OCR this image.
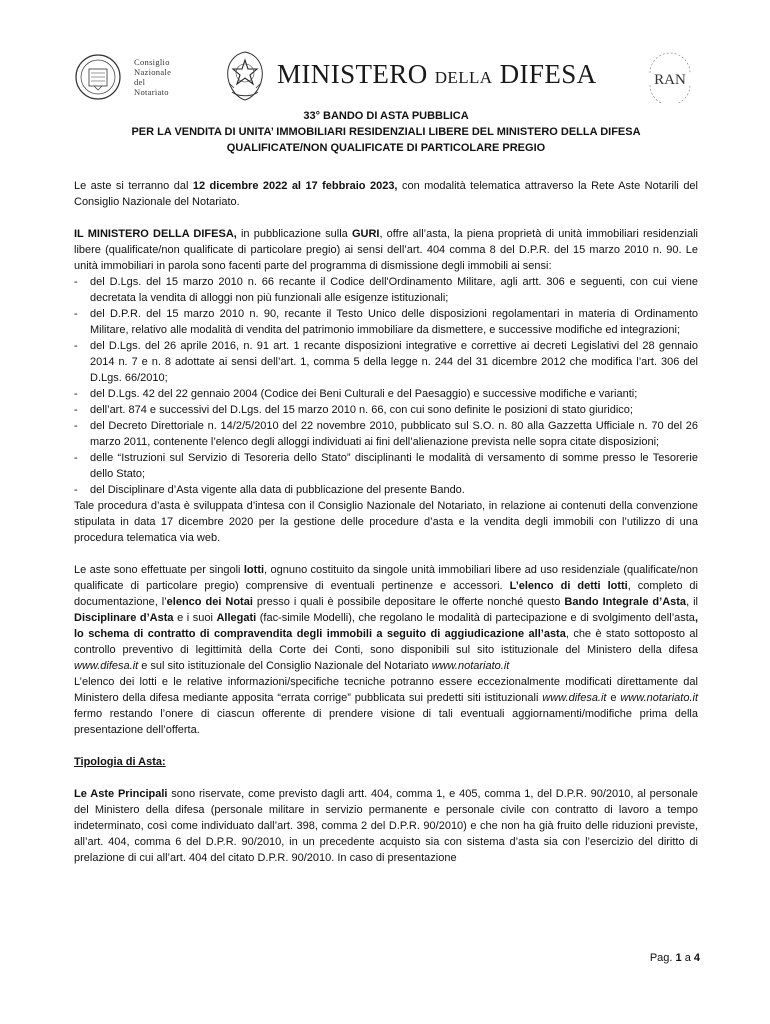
Consiglio
Nazionale
del
Notariato
MINISTERO DELLA DIFESA	RAN
33° BANDO DI ASTA PUBBLICA
PER LA VENDITA DI UNITA’ IMMOBILIARI RESIDENZIALI LIBERE DEL MINISTERO DELLA DIFESA
QUALIFICATE/NON QUALIFICATE DI PARTICOLARE PREGIO

Le aste si terranno dal 12 dicembre 2022 al 17 febbraio 2023, con modalità telematica attraverso la Rete Aste Notarili del Consiglio Nazionale del Notariato.

IL MINISTERO DELLA DIFESA, in pubblicazione sulla GURI, offre all’asta, la piena proprietà di unità immobiliari residenziali libere (qualificate/non qualificate di particolare pregio) ai sensi dell’art. 404 comma 8 del D.P.R. del 15 marzo 2010 n. 90. Le unità immobiliari in parola sono facenti parte del programma di dismissione degli immobili ai sensi:

- del D.Lgs. del 15 marzo 2010 n. 66 recante il Codice dell'Ordinamento Militare, agli artt. 306 e seguenti, con cui viene decretata la vendita di alloggi non più funzionali alle esigenze istituzionali;
- del D.P.R. del 15 marzo 2010 n. 90, recante il Testo Unico delle disposizioni regolamentari in materia di Ordinamento Militare, relativo alle modalità di vendita del patrimonio immobiliare da dismettere, e successive modifiche ed integrazioni;
- del D.Lgs. del 26 aprile 2016, n. 91 art. 1 recante disposizioni integrative e correttive ai decreti Legislativi del 28 gennaio 2014 n. 7 e n. 8 adottate ai sensi dell’art. 1, comma 5 della legge n. 244 del 31 dicembre 2012 che modifica l’art. 306 del D.Lgs. 66/2010;
- del D.Lgs. 42 del 22 gennaio 2004 (Codice dei Beni Culturali e del Paesaggio) e successive modifiche e varianti;
- dell’art. 874 e successivi del D.Lgs. del 15 marzo 2010 n. 66, con cui sono definite le posizioni di stato giuridico;
- del Decreto Direttoriale n. 14/2/5/2010 del 22 novembre 2010, pubblicato sul S.O. n. 80 alla Gazzetta Ufficiale n. 70 del 26 marzo 2011, contenente l’elenco degli alloggi individuati ai fini dell’alienazione prevista nelle sopra citate disposizioni;
- delle “Istruzioni sul Servizio di Tesoreria dello Stato” disciplinanti le modalità di versamento di somme presso le Tesorerie dello Stato;
- del Disciplinare d’Asta vigente alla data di pubblicazione del presente Bando.

Tale procedura d’asta è sviluppata d’intesa con il Consiglio Nazionale del Notariato, in relazione ai contenuti della convenzione stipulata in data 17 dicembre 2020 per la gestione delle procedure d’asta e la vendita degli immobili con l’utilizzo di una procedura telematica via web.

Le aste sono effettuate per singoli lotti, ognuno costituito da singole unità immobiliari libere ad uso residenziale (qualificate/non qualificate di particolare pregio) comprensive di eventuali pertinenze e accessori. L’elenco di detti lotti, completo di documentazione, l’elenco dei Notai presso i quali è possibile depositare le offerte nonché questo Bando Integrale d’Asta, il Disciplinare d’Asta e i suoi Allegati (fac-simile Modelli), che regolano le modalità di partecipazione e di svolgimento dell’asta, lo schema di contratto di compravendita degli immobili a seguito di aggiudicazione all’asta, che è stato sottoposto al controllo preventivo di legittimità della Corte dei Conti, sono disponibili sul sito istituzionale del Ministero della difesa www.difesa.it e sul sito istituzionale del Consiglio Nazionale del Notariato www.notariato.it

L’elenco dei lotti e le relative informazioni/specifiche tecniche potranno essere eccezionalmente modificati direttamente dal Ministero della difesa mediante apposita “errata corrige” pubblicata sui predetti siti istituzionali www.difesa.it e www.notariato.it fermo restando l’onere di ciascun offerente di prendere visione di tali eventuali aggiornamenti/modifiche prima della presentazione dell’offerta.

Tipologia di Asta:

Le Aste Principali sono riservate, come previsto dagli artt. 404, comma 1, e 405, comma 1, del D.P.R. 90/2010, al personale del Ministero della difesa (personale militare in servizio permanente e personale civile con contratto di lavoro a tempo indeterminato, così come individuato dall’art. 398, comma 2 del D.P.R. 90/2010) e che non ha già fruito delle riduzioni previste, all’art. 404, comma 6 del D.P.R. 90/2010, in un precedente acquisto sia con sistema d’asta sia con l’esercizio del diritto di prelazione di cui all’art. 404 del citato D.P.R. 90/2010. In caso di presentazione

Pag. 1 a 4
